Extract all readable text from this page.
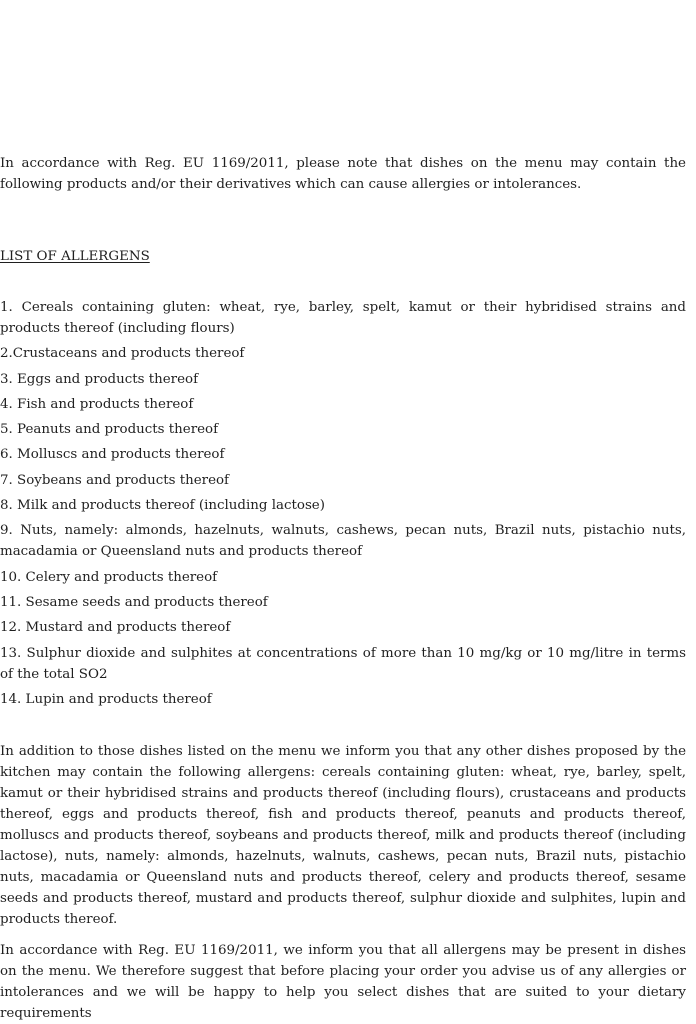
In accordance with Reg. EU 1169/2011, please note that dishes on the menu may contain the following products and/or their derivatives which can cause allergies or intolerances.

LIST OF ALLERGENS

1. Cereals containing gluten: wheat, rye, barley, spelt, kamut or their hybridised strains and products thereof (including flours)
2.Crustaceans and products thereof
3. Eggs and products thereof
4. Fish and products thereof
5. Peanuts and products thereof
6. Molluscs and products thereof
7. Soybeans and products thereof
8. Milk and products thereof (including lactose)
9. Nuts, namely: almonds, hazelnuts, walnuts, cashews, pecan nuts, Brazil nuts, pistachio nuts, macadamia or Queensland nuts and products thereof
10. Celery and products thereof
11. Sesame seeds and products thereof
12. Mustard and products thereof
13. Sulphur dioxide and sulphites at concentrations of more than 10 mg/kg or 10 mg/litre in terms of the total SO2
14. Lupin and products thereof

In addition to those dishes listed on the menu we inform you that any other dishes proposed by the kitchen may contain the following allergens: cereals containing gluten: wheat, rye, barley, spelt, kamut or their hybridised strains and products thereof (including flours), crustaceans and products thereof, eggs and products thereof, fish and products thereof, peanuts and products thereof, molluscs and products thereof, soybeans and products thereof, milk and products thereof (including lactose), nuts, namely: almonds, hazelnuts, walnuts, cashews, pecan nuts, Brazil nuts, pistachio nuts, macadamia or Queensland nuts and products thereof, celery and products thereof, sesame seeds and products thereof, mustard and products thereof, sulphur dioxide and sulphites, lupin and products thereof.

In accordance with Reg. EU 1169/2011, we inform you that all allergens may be present in dishes on the menu. We therefore suggest that before placing your order you advise us of any allergies or intolerances and we will be happy to help you select dishes that are suited to your dietary requirements
